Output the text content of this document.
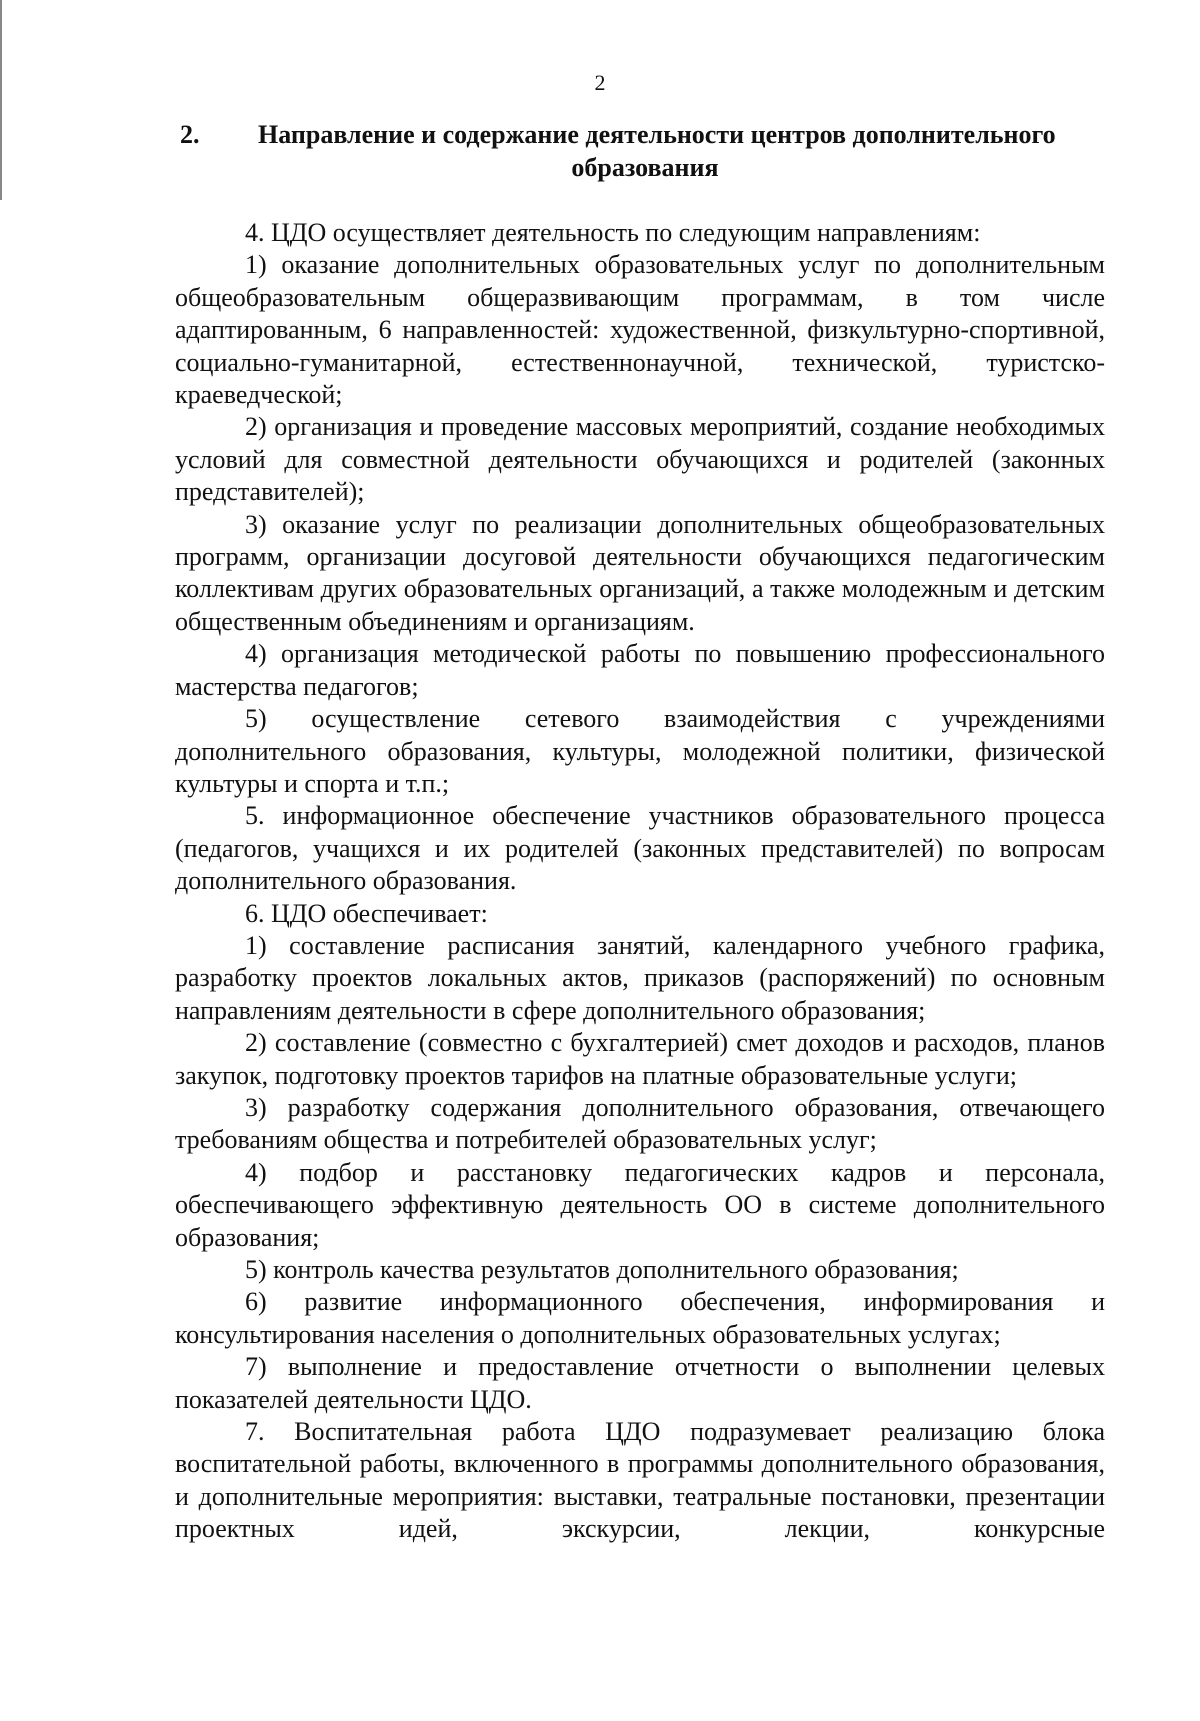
2
2. Направление и содержание деятельности центров дополнительного
образования

4. ЦДО осуществляет деятельность по следующим направлениям:

1) оказание дополнительных образовательных услуг по дополнительным общеобразовательным общеразвивающим программам, в том числе адаптированным, 6 направленностей: художественной, физкультурно-спортивной, социально-гуманитарной, естественнонаучной, технической, туристско-краеведческой;

2) организация и проведение массовых мероприятий, создание необходимых условий для совместной деятельности обучающихся и родителей (законных представителей);

3) оказание услуг по реализации дополнительных общеобразовательных программ, организации досуговой деятельности обучающихся педагогическим коллективам других образовательных организаций, а также молодежным и детским общественным объединениям и организациям.

4) организация методической работы по повышению профессионального мастерства педагогов;

5) осуществление сетевого взаимодействия с учреждениями дополнительного образования, культуры, молодежной политики, физической культуры и спорта и т.п.;

5. информационное обеспечение участников образовательного процесса (педагогов, учащихся и их родителей (законных представителей) по вопросам дополнительного образования.

6. ЦДО обеспечивает:

1) составление расписания занятий, календарного учебного графика, разработку проектов локальных актов, приказов (распоряжений) по основным направлениям деятельности в сфере дополнительного образования;

2) составление (совместно с бухгалтерией) смет доходов и расходов, планов закупок, подготовку проектов тарифов на платные образовательные услуги;

3) разработку содержания дополнительного образования, отвечающего требованиям общества и потребителей образовательных услуг;

4) подбор и расстановку педагогических кадров и персонала, обеспечивающего эффективную деятельность ОО в системе дополнительного образования;

5) контроль качества результатов дополнительного образования;

6) развитие информационного обеспечения, информирования и консультирования населения о дополнительных образовательных услугах;

7) выполнение и предоставление отчетности о выполнении целевых показателей деятельности ЦДО.

7. Воспитательная работа ЦДО подразумевает реализацию блока воспитательной работы, включенного в программы дополнительного образования, и дополнительные мероприятия: выставки, театральные постановки, презентации проектных идей, экскурсии, лекции, конкурсные
